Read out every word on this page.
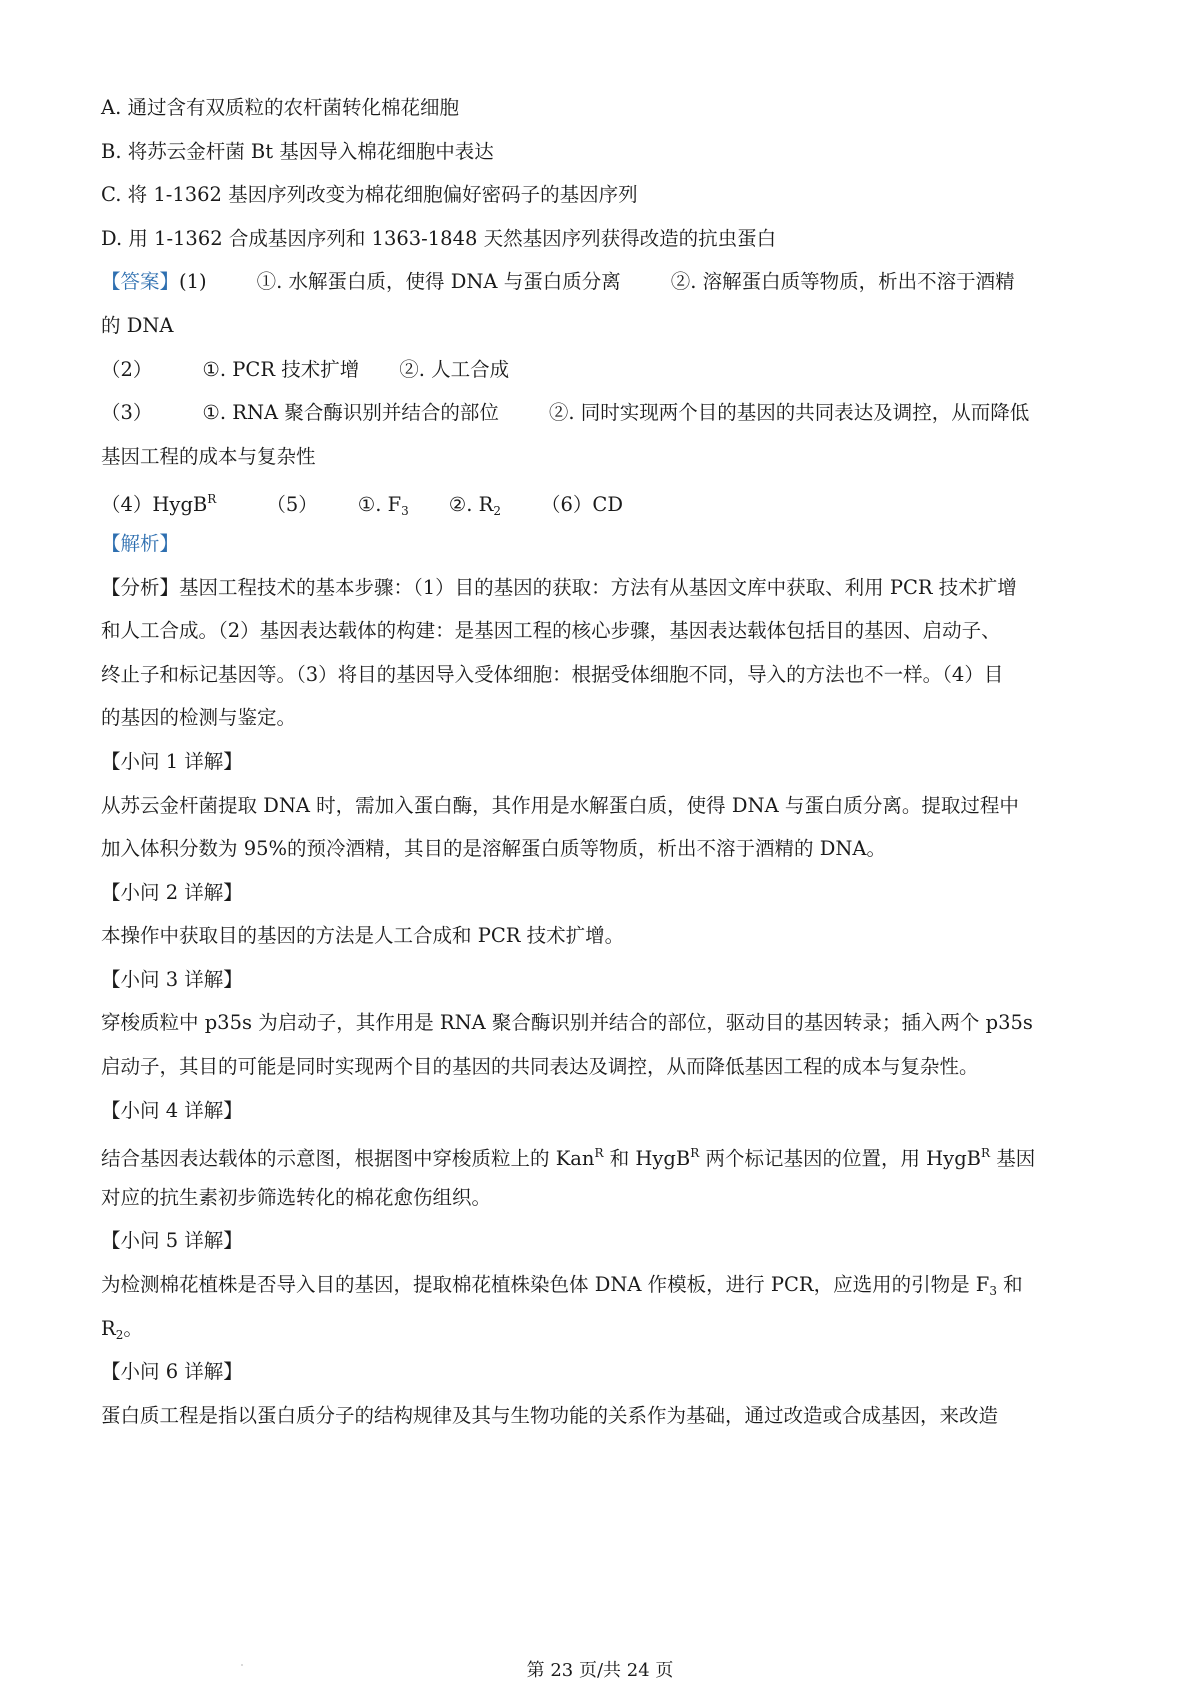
A. 通过含有双质粒的农杆菌转化棉花细胞
B. 将苏云金杆菌 Bt 基因导入棉花细胞中表达
C. 将 1-1362 基因序列改变为棉花细胞偏好密码子的基因序列
D. 用 1-1362 合成基因序列和 1363-1848 天然基因序列获得改造的抗虫蛋白
【答案】(1)	①. 水解蛋白质，使得 DNA 与蛋白质分离	②. 溶解蛋白质等物质，析出不溶于酒精
的 DNA
（2）	①. PCR 技术扩增 ②. 人工合成
（3）	①. RNA 聚合酶识别并结合的部位	②. 同时实现两个目的基因的共同表达及调控，从而降低
基因工程的成本与复杂性
（4）HygB$^R$	（5） ①. $F_3$ ②. $R_2$ （6）CD
【解析】
【分析】基因工程技术的基本步骤：（1）目的基因的获取：方法有从基因文库中获取、利用 PCR 技术扩增
和人工合成。（2）基因表达载体的构建：是基因工程的核心步骤，基因表达载体包括目的基因、启动子、
终止子和标记基因等。（3）将目的基因导入受体细胞：根据受体细胞不同，导入的方法也不一样。（4）目
的基因的检测与鉴定。
【小问 1 详解】
从苏云金杆菌提取 DNA 时，需加入蛋白酶，其作用是水解蛋白质，使得 DNA 与蛋白质分离。提取过程中
加入体积分数为 95%的预冷酒精，其目的是溶解蛋白质等物质，析出不溶于酒精的 DNA。
【小问 2 详解】
本操作中获取目的基因的方法是人工合成和 PCR 技术扩增。
【小问 3 详解】
穿梭质粒中 p35s 为启动子，其作用是 RNA 聚合酶识别并结合的部位，驱动目的基因转录；插入两个 p35s
启动子，其目的可能是同时实现两个目的基因的共同表达及调控，从而降低基因工程的成本与复杂性。
【小问 4 详解】
结合基因表达载体的示意图，根据图中穿梭质粒上的 Kan$^R$ 和 HygB$^R$ 两个标记基因的位置，用 HygB$^R$ 基因
对应的抗生素初步筛选转化的棉花愈伤组织。
【小问 5 详解】
为检测棉花植株是否导入目的基因，提取棉花植株染色体 DNA 作模板，进行 PCR，应选用的引物是 $F_3$ 和
$R_2$。
【小问 6 详解】
蛋白质工程是指以蛋白质分子的结构规律及其与生物功能的关系作为基础，通过改造或合成基因，来改造
第 23 页/共 24 页
